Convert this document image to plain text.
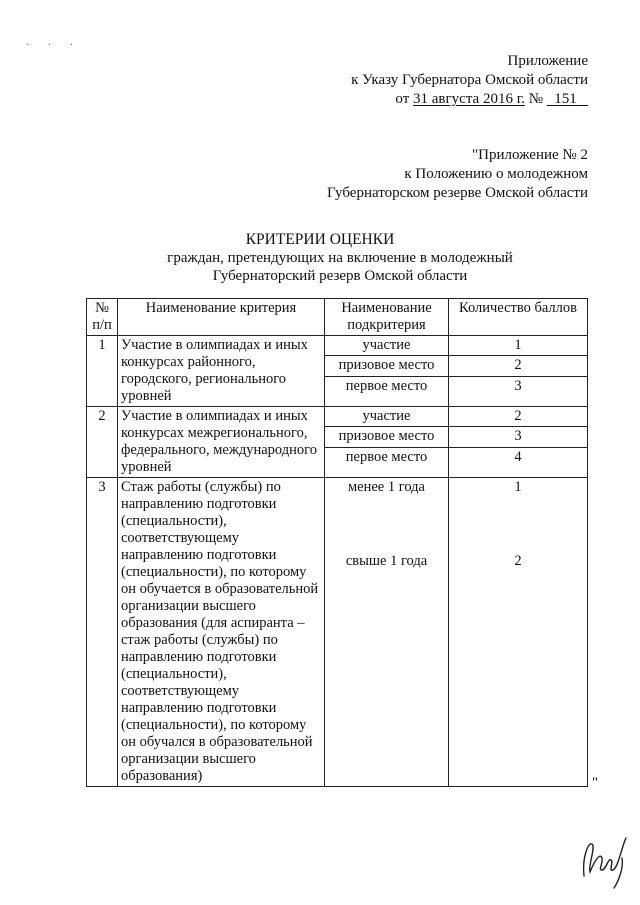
· · ·
Приложение
к Указу Губернатора Омской области
от 31 августа 2016 г. № 151
"Приложение № 2
к Положению о молодежном
Губернаторском резерве Омской области
КРИТЕРИИ ОЦЕНКИ
граждан, претендующих на включение в молодежный
Губернаторский резерв Омской области
№ п/п	Наименование критерия	Наименование подкритерия	Количество баллов
1	Участие в олимпиадах и иных конкурсах районного, городского, регионального уровней	участие	1
		призовое место	2
		первое место	3
2	Участие в олимпиадах и иных конкурсах межрегионального, федерального, международного уровней	участие	2
		призовое место	3
		первое место	4
3	Стаж работы (службы) по направлению подготовки (специальности), соответствующему направлению подготовки (специальности), по которому он обучается в образовательной организации высшего образования (для аспиранта – стаж работы (службы) по направлению подготовки (специальности), соответствующему направлению подготовки (специальности), по которому он обучался в образовательной организации высшего образования)	менее 1 года	1
		свыше 1 года	2
"
